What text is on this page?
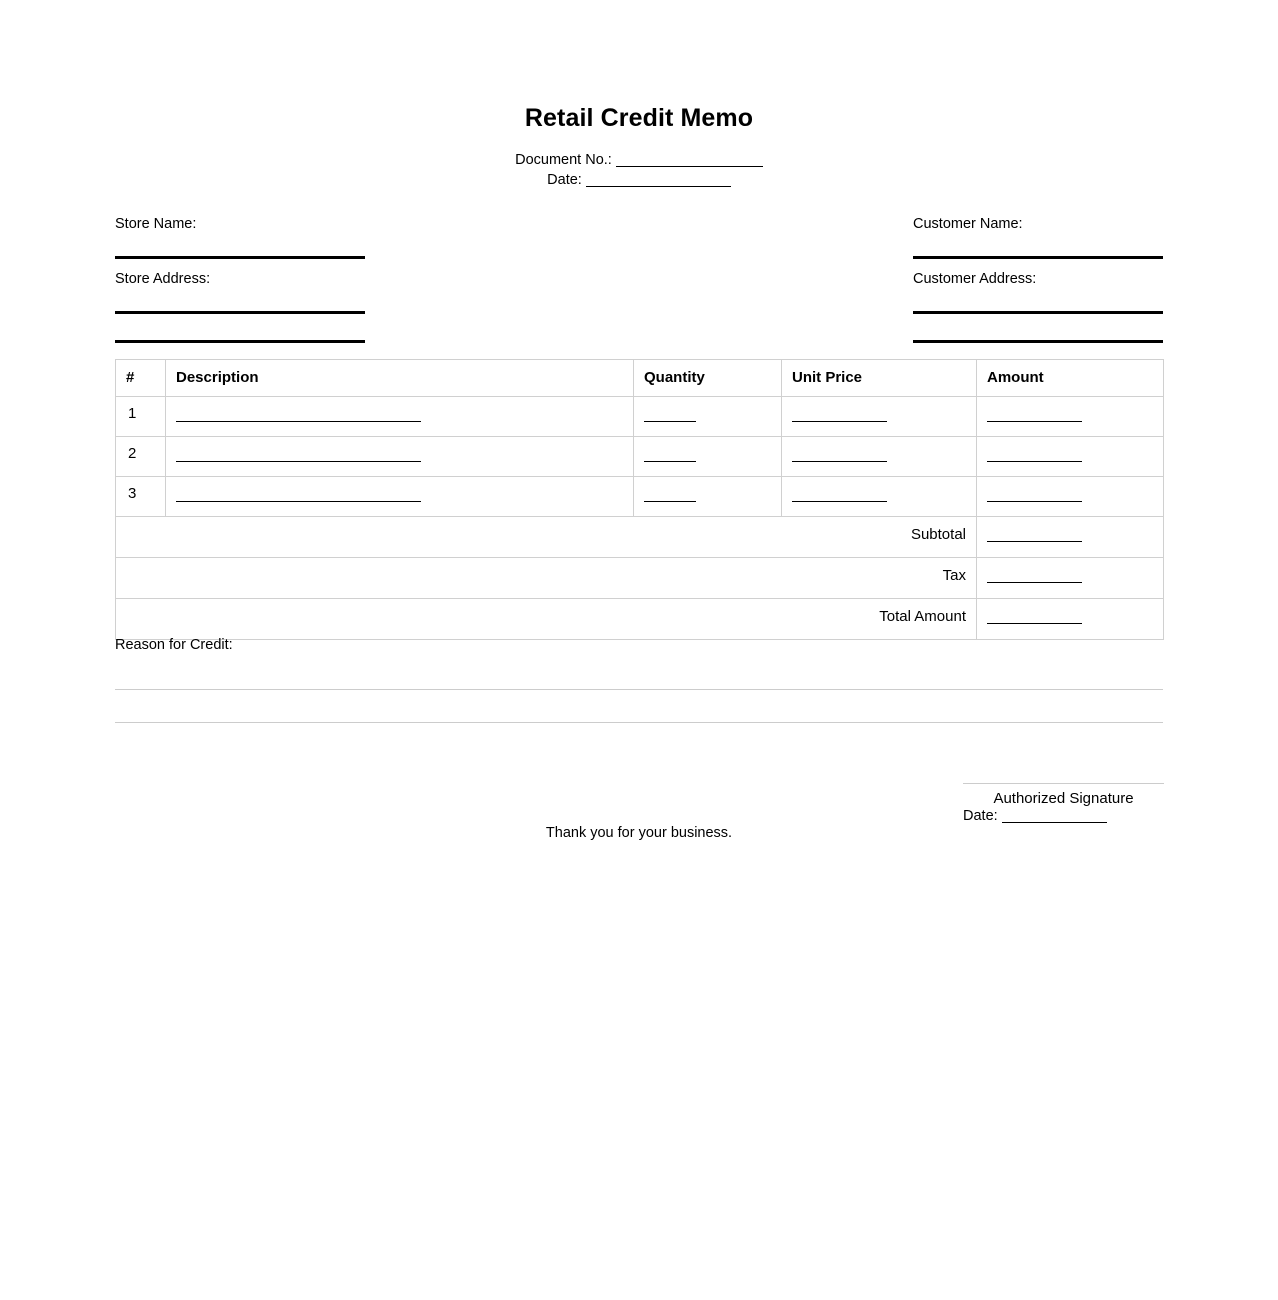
Retail Credit Memo
Document No.:
Date:
Store Name:
Store Address:
Customer Name:
Customer Address:
#	Description	Quantity	Unit Price	Amount
1				
2				
3				
Subtotal				
Tax				
Total Amount				
Reason for Credit:
Authorized Signature
Date:
Thank you for your business.
